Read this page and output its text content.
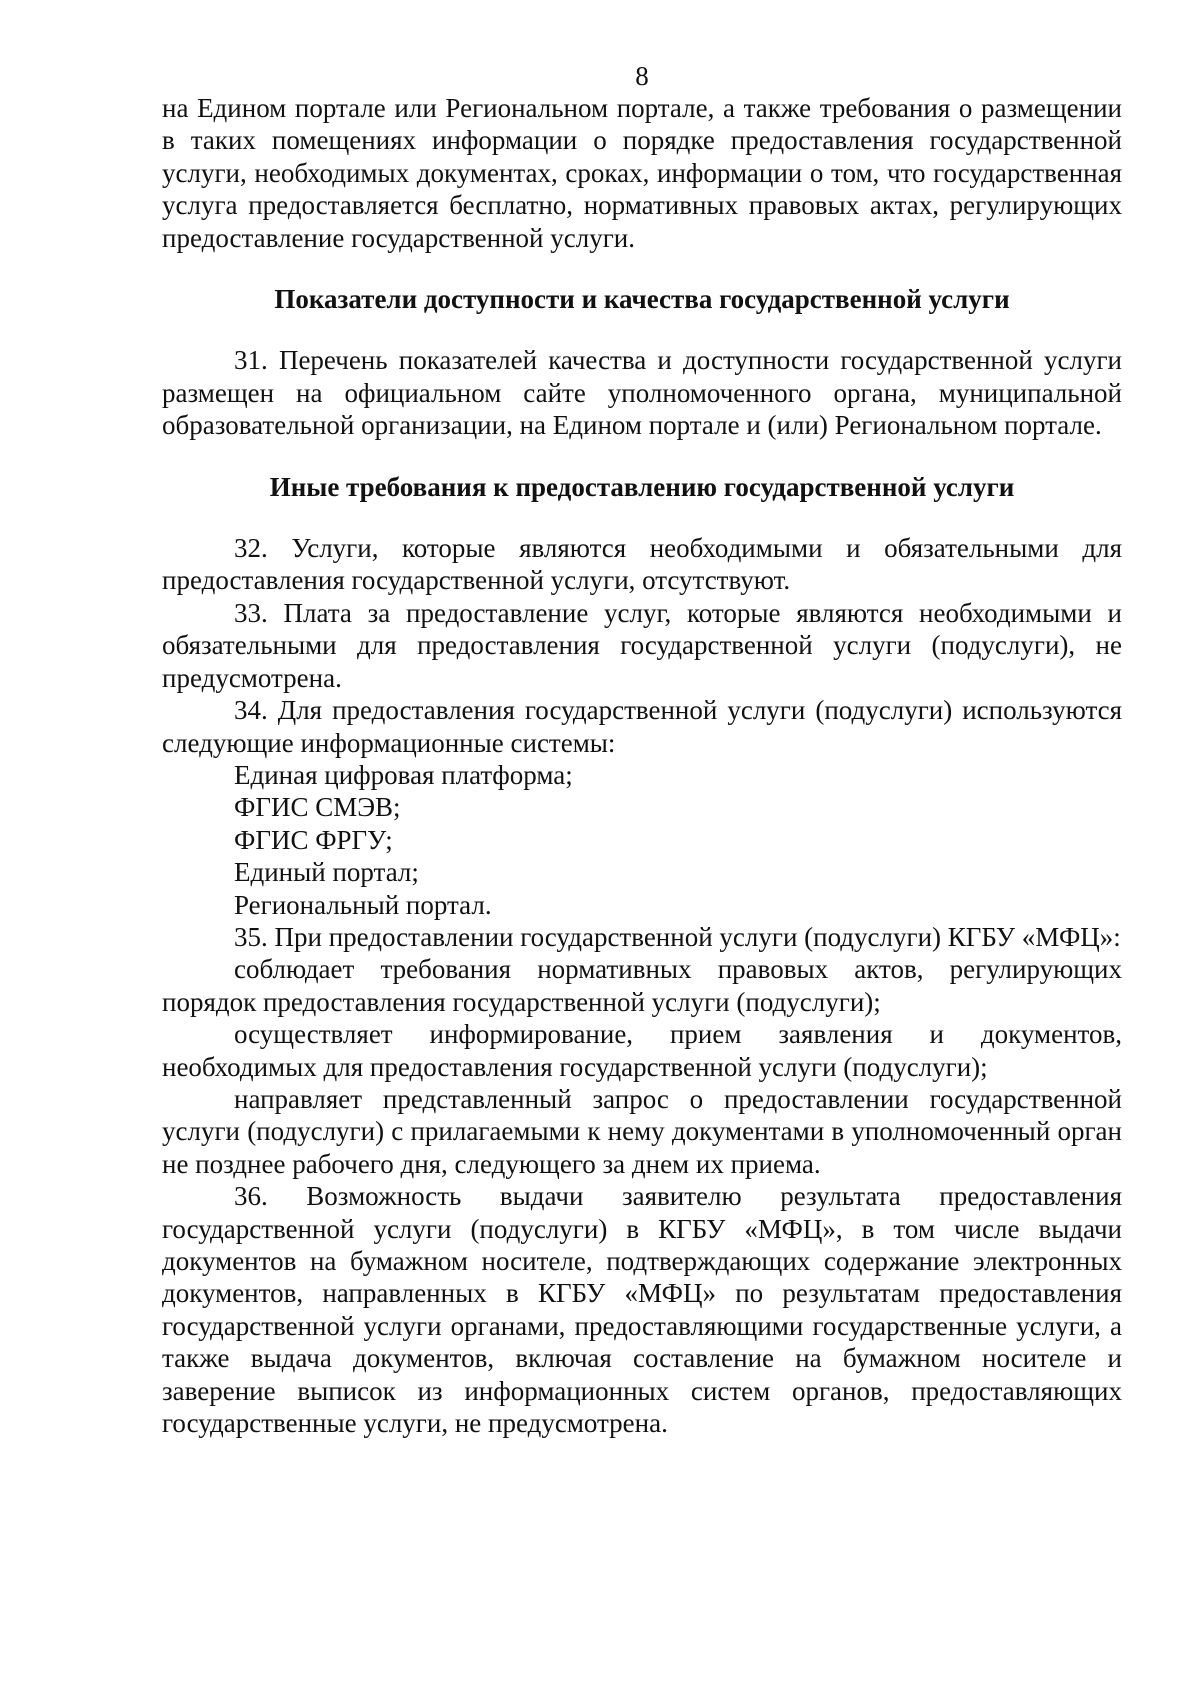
8

на Едином портале или Региональном портале, а также требования о размещении в таких помещениях информации о порядке предоставления государственной услуги, необходимых документах, сроках, информации о том, что государственная услуга предоставляется бесплатно, нормативных правовых актах, регулирующих предоставление государственной услуги.

Показатели доступности и качества государственной услуги

31. Перечень показателей качества и доступности государственной услуги размещен на официальном сайте уполномоченного органа, муниципальной образовательной организации, на Едином портале и (или) Региональном портале.

Иные требования к предоставлению государственной услуги

32. Услуги, которые являются необходимыми и обязательными для предоставления государственной услуги, отсутствуют.

33. Плата за предоставление услуг, которые являются необходимыми и обязательными для предоставления государственной услуги (подуслуги), не предусмотрена.

34. Для предоставления государственной услуги (подуслуги) используются следующие информационные системы:

Единая цифровая платформа;

ФГИС СМЭВ;

ФГИС ФРГУ;

Единый портал;

Региональный портал.

35. При предоставлении государственной услуги (подуслуги) КГБУ «МФЦ»:

соблюдает требования нормативных правовых актов, регулирующих порядок предоставления государственной услуги (подуслуги);

осуществляет информирование, прием заявления и документов, необходимых для предоставления государственной услуги (подуслуги);

направляет представленный запрос о предоставлении государственной услуги (подуслуги) с прилагаемыми к нему документами в уполномоченный орган не позднее рабочего дня, следующего за днем их приема.

36. Возможность выдачи заявителю результата предоставления государственной услуги (подуслуги) в КГБУ «МФЦ», в том числе выдачи документов на бумажном носителе, подтверждающих содержание электронных документов, направленных в КГБУ «МФЦ» по результатам предоставления государственной услуги органами, предоставляющими государственные услуги, а также выдача документов, включая составление на бумажном носителе и заверение выписок из информационных систем органов, предоставляющих государственные услуги, не предусмотрена.
